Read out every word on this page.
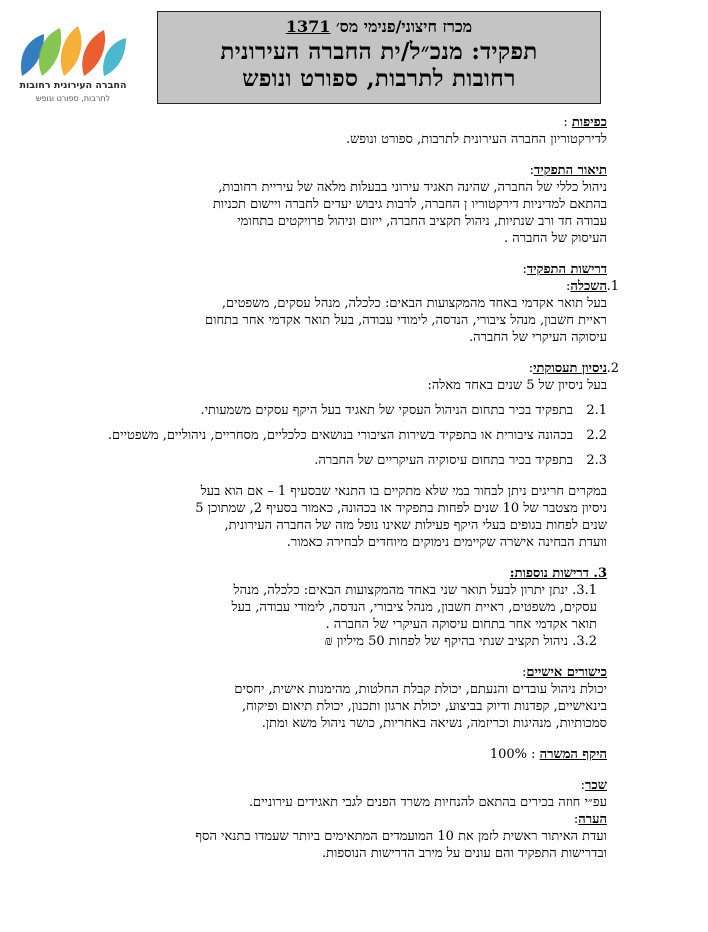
החברה העירונית רחובות
לתרבות, ספורט ונופש
מכרז חיצוני/פנימי מס׳ 1371
תפקיד: מנכ״ל/ית החברה העירונית
רחובות לתרבות, ספורט ונופש

כפיפות :

לדירקטוריון החברה העירונית לתרבות, ספורט ונופש.

תיאור התפקיד:

ניהול כללי של החברה, שהינה תאגיד עירוני בבעלות מלאה של עיריית רחובות,

בהתאם למדיניות דירקטוריו ן החברה, לרבות גיבוש יעדים לחברה ויישום תכניות

עבודה חד ורב שנתיות, ניהול תקציב החברה, ייזום וניהול פרויקטים בתחומי

העיסוק של החברה .

דרישות התפקיד:

1.
השכלה:

בעל תואר אקדמי באחד מהמקצועות הבאים: כלכלה, מנהל עסקים, משפטים,

ראיית חשבון, מנהל ציבורי, הנדסה, לימודי עבודה, בעל תואר אקדמי אחר בתחום

עיסוקה העיקרי של החברה.

2.
ניסיון תעסוקתי:

בעל ניסיון של 5 שנים באחד מאלה:

2.1
בתפקיד בכיר בתחום הניהול העסקי של תאגיד בעל היקף עסקים משמעותי.
2.2
בכהונה ציבורית או בתפקיד בשירות הציבורי בנושאים כלכליים, מסחריים, ניהוליים, משפטיים.
2.3
בתפקיד בכיר בתחום עיסוקיה העיקריים של החברה.

במקרים חריגים ניתן לבחור במי שלא מתקיים בו התנאי שבסעיף 1 – אם הוא בעל

ניסיון מצטבר של 10 שנים לפחות בתפקיד או בכהונה, כאמור בסעיף 2, שמתוכן 5

שנים לפחות בגופים בעלי היקף פעילות שאינו נופל מזה של החברה העירונית,

וועדת הבחינה אישרה שקיימים נימוקים מיוחדים לבחירה כאמור.

3. דרישות נוספות:

3.1. ינתן יתרון לבעל תואר שני באחד מהמקצועות הבאים: כלכלה, מנהל

עסקים, משפטים, ראיית חשבון, מנהל ציבורי, הנדסה, לימודי עבודה, בעל

תואר אקדמי אחר בתחום עיסוקה העיקרי של החברה .

3.2. ניהול תקציב שנתי בהיקף של לפחות 50 מיליון ₪

כישורים אישיים:

יכולת ניהול עובדים והנעתם, יכולת קבלת החלטות, מהימנות אישית, יחסים

בינאישיים, קפדנות ודיוק בביצוע, יכולת ארגון ותכנון, יכולת תיאום ופיקוח,

סמכותיות, מנהיגות וכריזמה, נשיאה באחריות, כושר ניהול משא ומתן.

היקף המשרה : 100%

שכר:

עפ״י חוזה בכירים בהתאם להנחיות משרד הפנים לגבי תאגידים עירוניים.

הערה:

ועדת האיתור ראשית לזמן את 10 המועמדים המתאימים ביותר שעמדו בתנאי הסף

ובדרישות התפקיד והם עונים על מירב הדרישות הנוספות.
